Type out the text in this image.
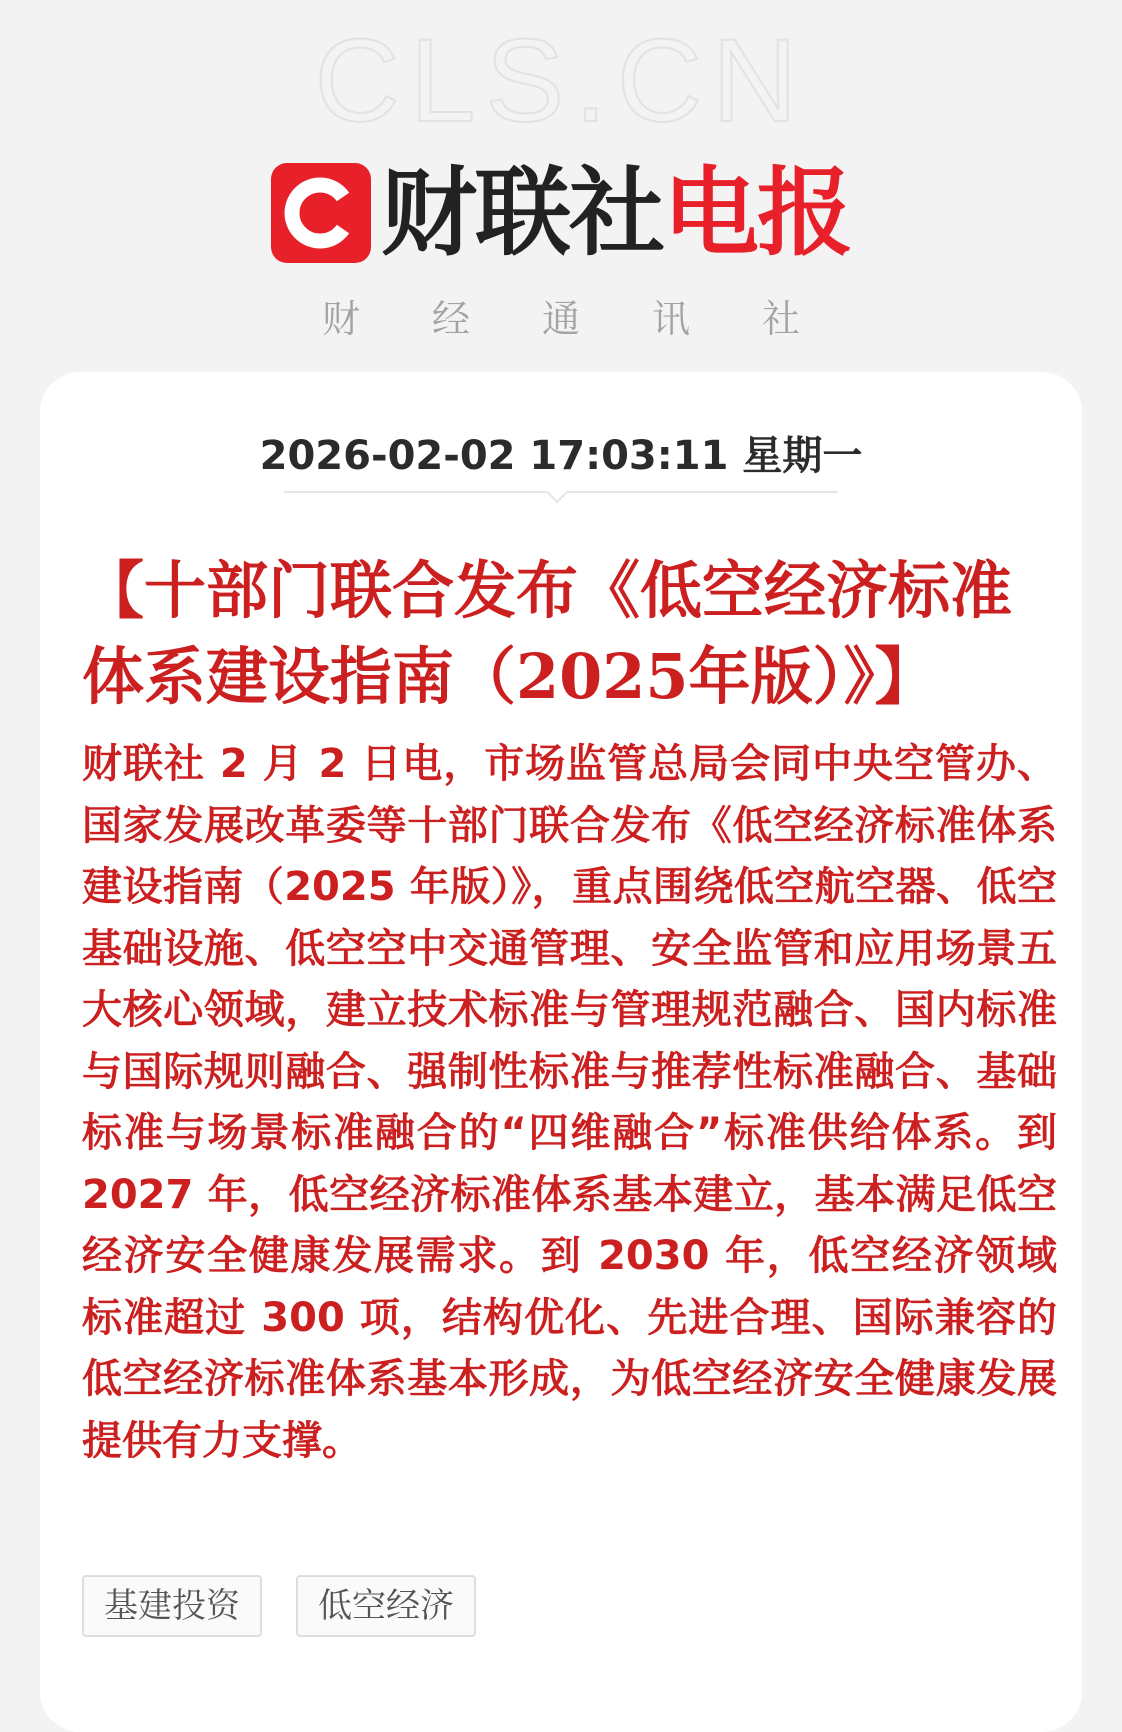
CLS.CN
财联社电报
财经通讯社
2026-02-02 17:03:11 星期一
【十部门联合发布《低空经济标准体系建设指南（2025年版）》】
财联社 2 月 2 日电，市场监管总局会同中央空管办、国家发展改革委等十部门联合发布《低空经济标准体系建设指南（2025 年版）》，重点围绕低空航空器、低空基础设施、低空空中交通管理、安全监管和应用场景五大核心领域，建立技术标准与管理规范融合、国内标准与国际规则融合、强制性标准与推荐性标准融合、基础标准与场景标准融合的“四维融合”标准供给体系。到 2027 年，低空经济标准体系基本建立，基本满足低空经济安全健康发展需求。到 2030 年，低空经济领域标准超过 300 项，结构优化、先进合理、国际兼容的低空经济标准体系基本形成，为低空经济安全健康发展提供有力支撑。
基建投资	低空经济
